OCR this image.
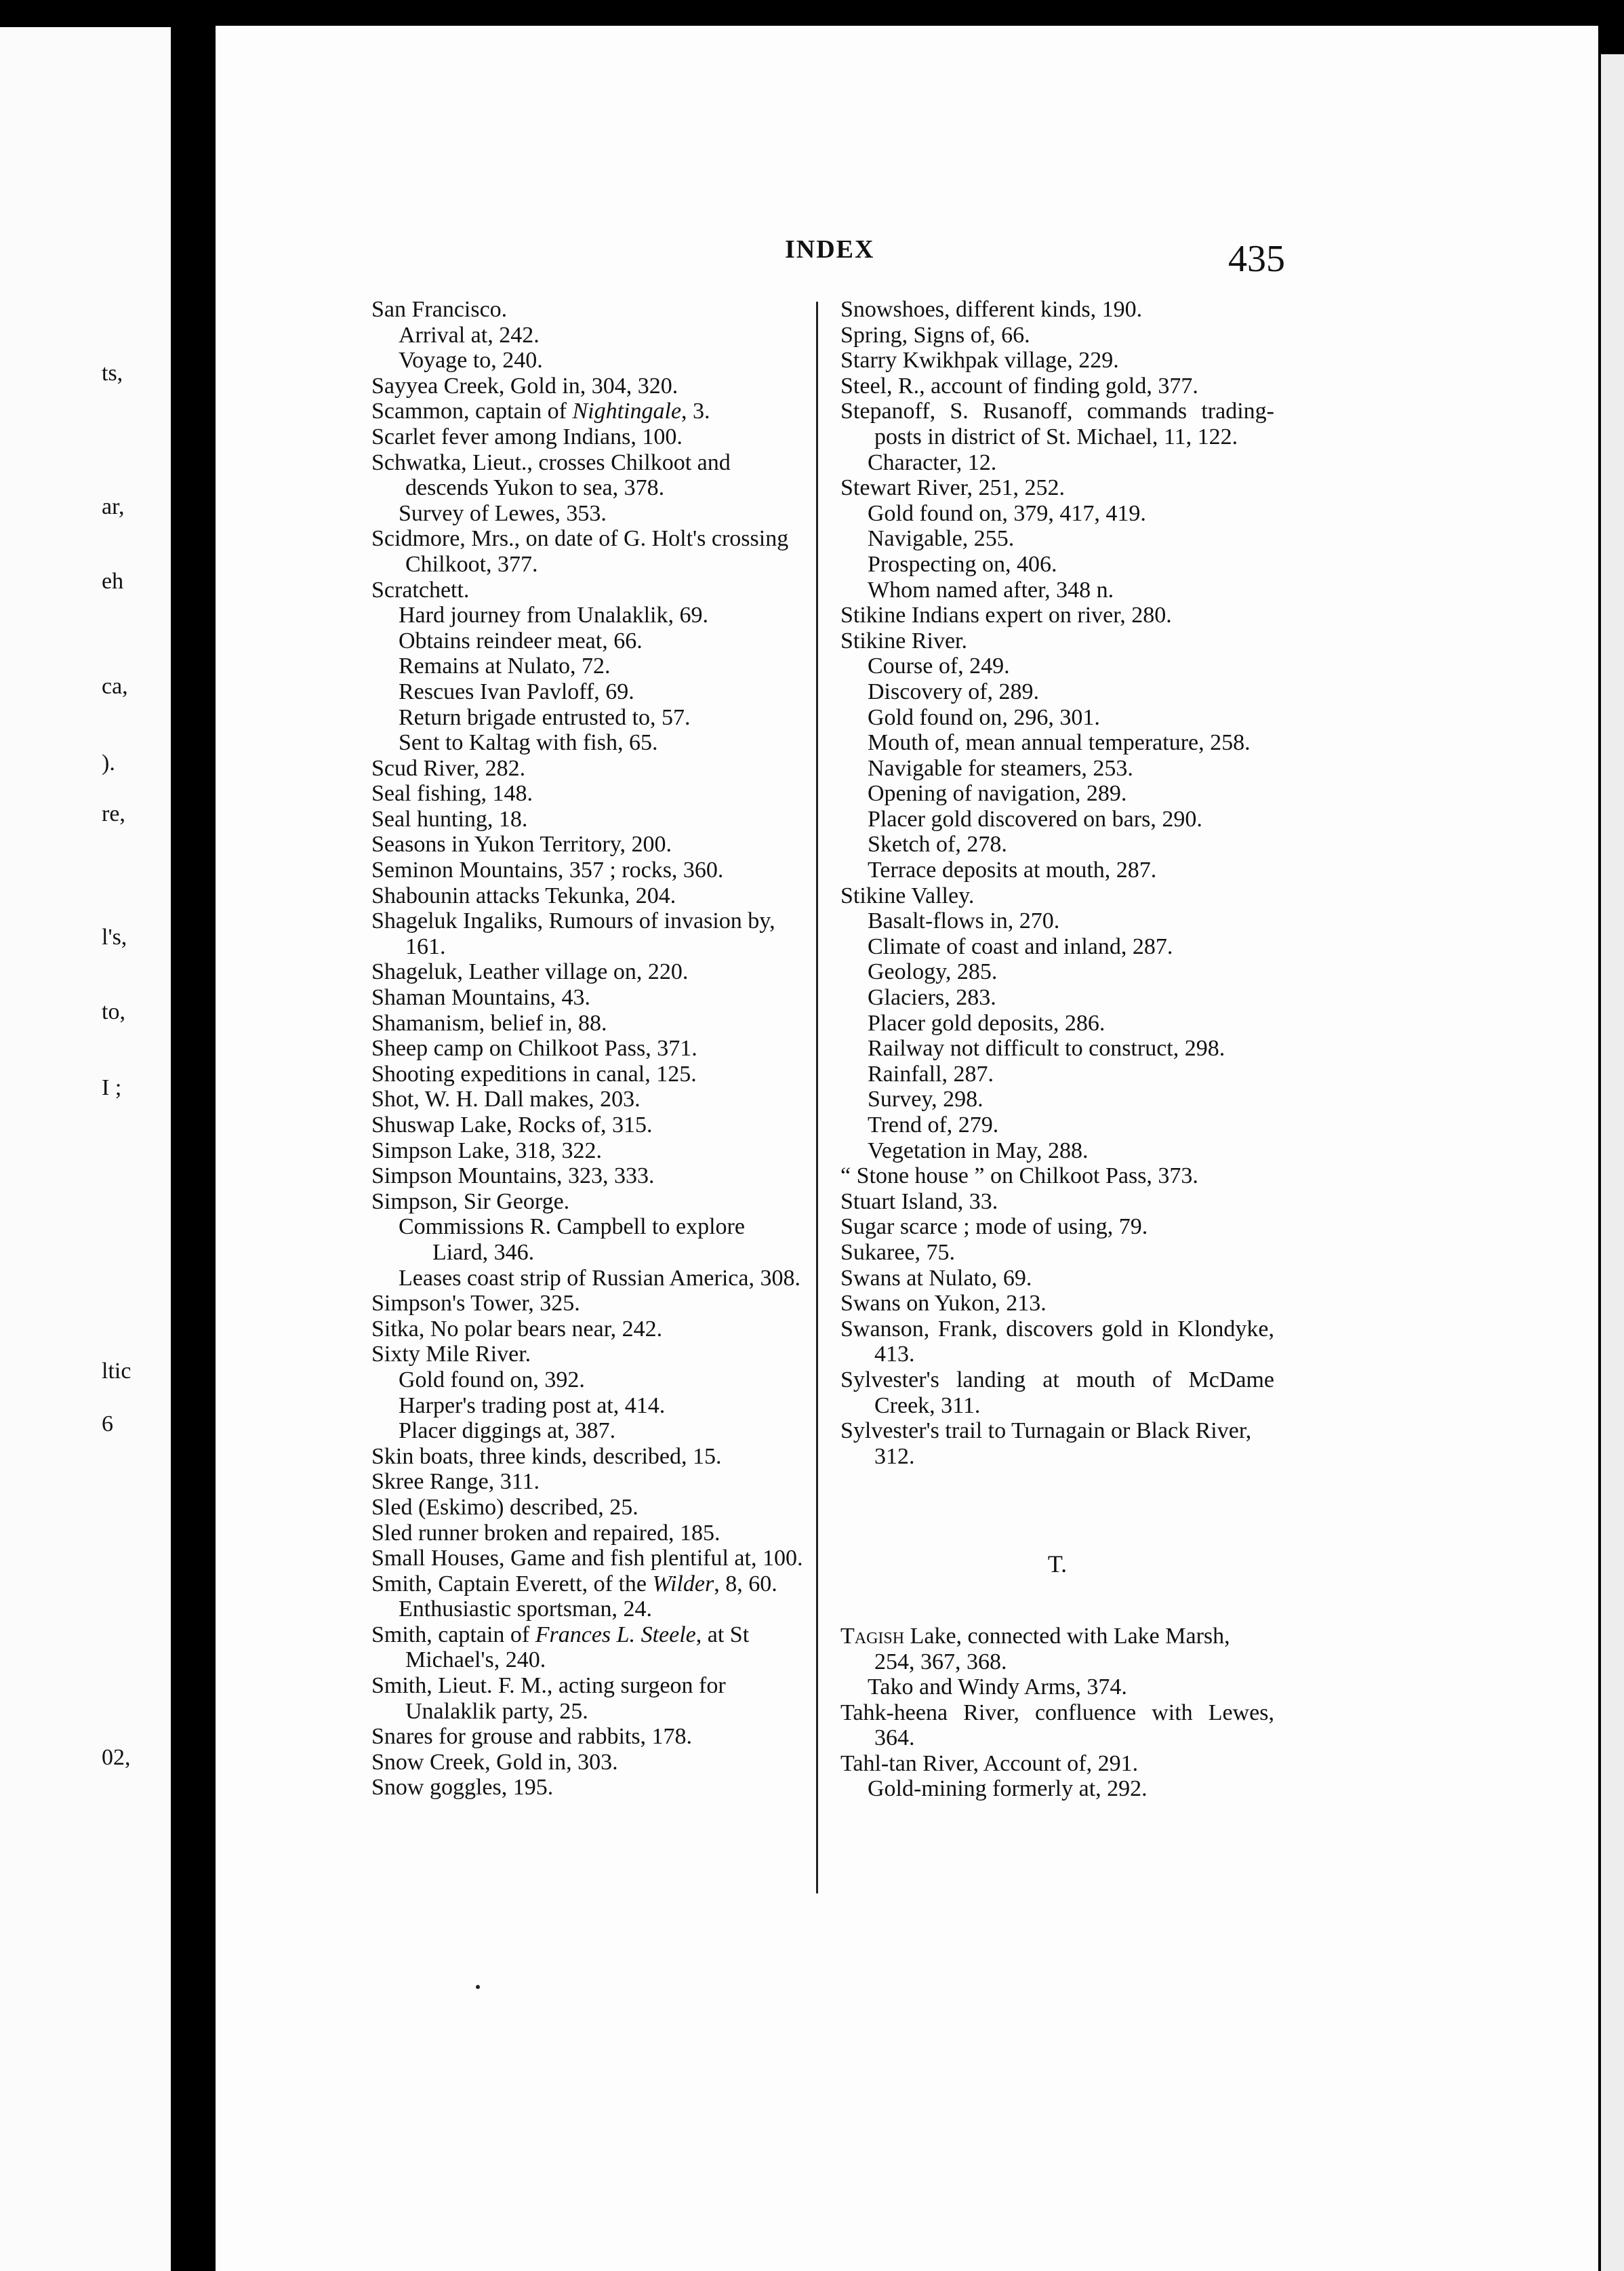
ts,
ar,
eh
ca,
).
re,
l's,
to,
I ;
ltic
6
02,
INDEX	435

San Francisco.

Arrival at, 242.

Voyage to, 240.

Sayyea Creek, Gold in, 304, 320.

Scammon, captain of Nightingale, 3.

Scarlet fever among Indians, 100.

Schwatka, Lieut., crosses Chilkoot and descends Yukon to sea, 378.

Survey of Lewes, 353.

Scidmore, Mrs., on date of G. Holt's crossing Chilkoot, 377.

Scratchett.

Hard journey from Unalaklik, 69.

Obtains reindeer meat, 66.

Remains at Nulato, 72.

Rescues Ivan Pavloff, 69.

Return brigade entrusted to, 57.

Sent to Kaltag with fish, 65.

Scud River, 282.

Seal fishing, 148.

Seal hunting, 18.

Seasons in Yukon Territory, 200.

Seminon Mountains, 357 ; rocks, 360.

Shabounin attacks Tekunka, 204.

Shageluk Ingaliks, Rumours of invasion by, 161.

Shageluk, Leather village on, 220.

Shaman Mountains, 43.

Shamanism, belief in, 88.

Sheep camp on Chilkoot Pass, 371.

Shooting expeditions in canal, 125.

Shot, W. H. Dall makes, 203.

Shuswap Lake, Rocks of, 315.

Simpson Lake, 318, 322.

Simpson Mountains, 323, 333.

Simpson, Sir George.

Commissions R. Campbell to explore Liard, 346.

Leases coast strip of Russian America, 308.

Simpson's Tower, 325.

Sitka, No polar bears near, 242.

Sixty Mile River.

Gold found on, 392.

Harper's trading post at, 414.

Placer diggings at, 387.

Skin boats, three kinds, described, 15.

Skree Range, 311.

Sled (Eskimo) described, 25.

Sled runner broken and repaired, 185.

Small Houses, Game and fish plentiful at, 100.

Smith, Captain Everett, of the Wilder, 8, 60.

Enthusiastic sportsman, 24.

Smith, captain of Frances L. Steele, at St Michael's, 240.

Smith, Lieut. F. M., acting surgeon for Unalaklik party, 25.

Snares for grouse and rabbits, 178.

Snow Creek, Gold in, 303.

Snow goggles, 195.

Snowshoes, different kinds, 190.

Spring, Signs of, 66.

Starry Kwikhpak village, 229.

Steel, R., account of finding gold, 377.

Stepanoff, S. Rusanoff, commands trading-posts in district of St. Michael, 11, 122.

Character, 12.

Stewart River, 251, 252.

Gold found on, 379, 417, 419.

Navigable, 255.

Prospecting on, 406.

Whom named after, 348 n.

Stikine Indians expert on river, 280.

Stikine River.

Course of, 249.

Discovery of, 289.

Gold found on, 296, 301.

Mouth of, mean annual temperature, 258.

Navigable for steamers, 253.

Opening of navigation, 289.

Placer gold discovered on bars, 290.

Sketch of, 278.

Terrace deposits at mouth, 287.

Stikine Valley.

Basalt-flows in, 270.

Climate of coast and inland, 287.

Geology, 285.

Glaciers, 283.

Placer gold deposits, 286.

Railway not difficult to construct, 298.

Rainfall, 287.

Survey, 298.

Trend of, 279.

Vegetation in May, 288.

“ Stone house ” on Chilkoot Pass, 373.

Stuart Island, 33.

Sugar scarce ; mode of using, 79.

Sukaree, 75.

Swans at Nulato, 69.

Swans on Yukon, 213.

Swanson, Frank, discovers gold in Klondyke, 413.

Sylvester's landing at mouth of McDame Creek, 311.

Sylvester's trail to Turnagain or Black River, 312.

T.

Tagish Lake, connected with Lake Marsh, 254, 367, 368.

Tako and Windy Arms, 374.

Tahk-heena River, confluence with Lewes, 364.

Tahl-tan River, Account of, 291.

Gold-mining formerly at, 292.
